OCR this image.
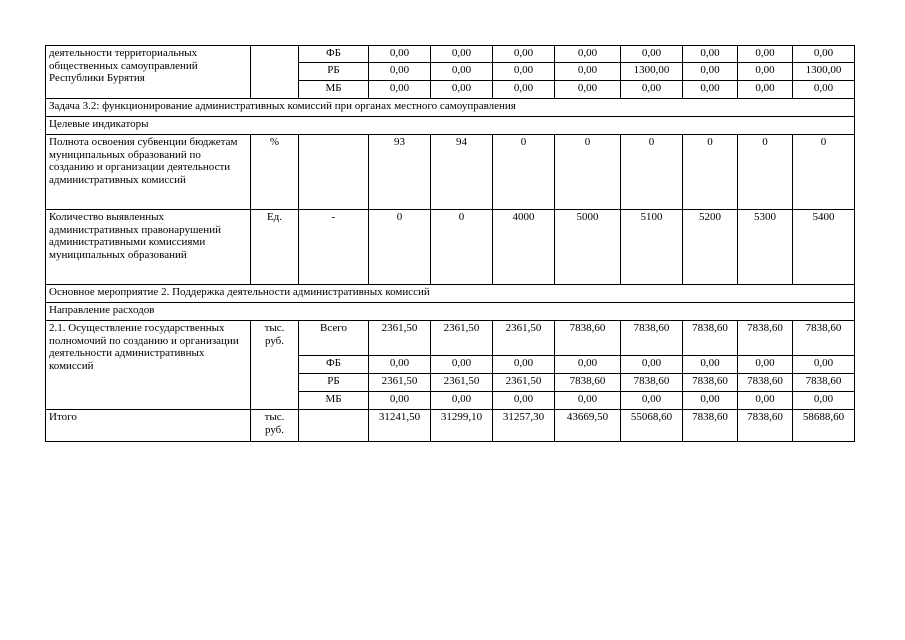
деятельности территориальных общественных самоуправлений Республики Бурятия		ФБ	0,00	0,00	0,00	0,00	0,00	0,00	0,00	0,00
		РБ	0,00	0,00	0,00	0,00	1300,00	0,00	0,00	1300,00
		МБ	0,00	0,00	0,00	0,00	0,00	0,00	0,00	0,00
Задача 3.2: функционирование административных комиссий при органах местного самоуправления										
Целевые индикаторы										
Полнота освоения субвенции бюджетам муниципальных образований по созданию и организации деятельности административных комиссий	%		93	94	0	0	0	0	0	0
Количество выявленных административных правонарушений административными комиссиями муниципальных образований	Ед.	-	0	0	4000	5000	5100	5200	5300	5400
Основное мероприятие 2. Поддержка деятельности административных комиссий										
Направление расходов										
2.1. Осуществление государственных полномочий по созданию и организации деятельности административных комиссий	тыс. руб.	Всего	2361,50	2361,50	2361,50	7838,60	7838,60	7838,60	7838,60	7838,60
		ФБ	0,00	0,00	0,00	0,00	0,00	0,00	0,00	0,00
		РБ	2361,50	2361,50	2361,50	7838,60	7838,60	7838,60	7838,60	7838,60
		МБ	0,00	0,00	0,00	0,00	0,00	0,00	0,00	0,00
Итого	тыс. руб.		31241,50	31299,10	31257,30	43669,50	55068,60	7838,60	7838,60	58688,60
